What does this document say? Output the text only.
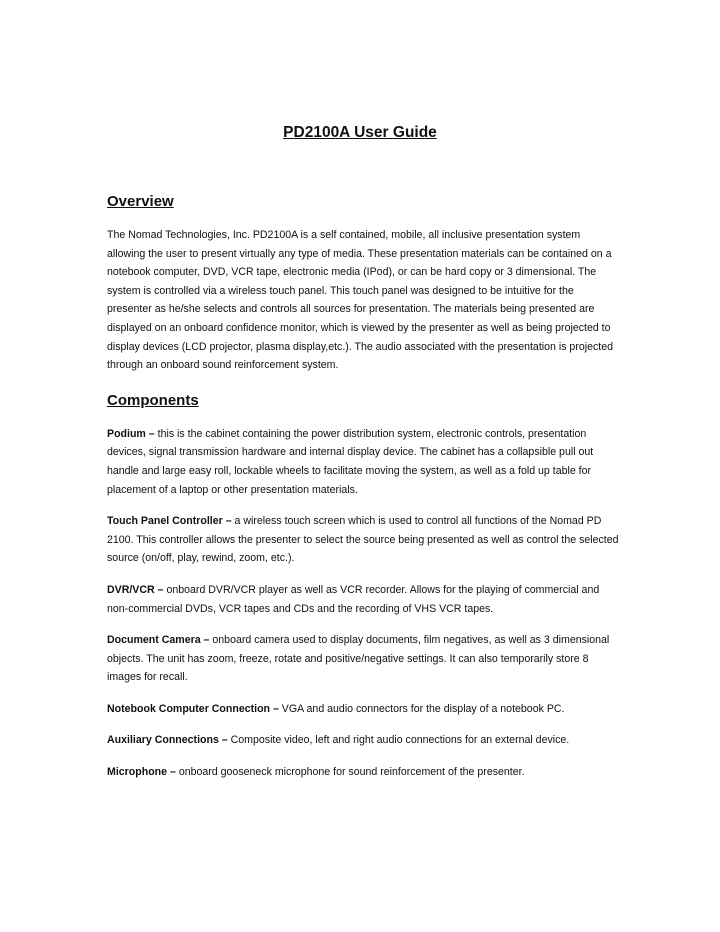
PD2100A User Guide
Overview

The Nomad Technologies, Inc. PD2100A is a self contained, mobile, all inclusive presentation system allowing the user to present virtually any type of media. These presentation materials can be contained on a notebook computer, DVD, VCR tape, electronic media (IPod), or can be hard copy or 3 dimensional. The system is controlled via a wireless touch panel. This touch panel was designed to be intuitive for the presenter as he/she selects and controls all sources for presentation. The materials being presented are displayed on an onboard confidence monitor, which is viewed by the presenter as well as being projected to display devices (LCD projector, plasma display,etc.). The audio associated with the presentation is projected through an onboard sound reinforcement system.

Components

Podium – this is the cabinet containing the power distribution system, electronic controls, presentation devices, signal transmission hardware and internal display device. The cabinet has a collapsible pull out handle and large easy roll, lockable wheels to facilitate moving the system, as well as a fold up table for placement of a laptop or other presentation materials.

Touch Panel Controller – a wireless touch screen which is used to control all functions of the Nomad PD 2100. This controller allows the presenter to select the source being presented as well as control the selected source (on/off, play, rewind, zoom, etc.).

DVR/VCR – onboard DVR/VCR player as well as VCR recorder. Allows for the playing of commercial and non-commercial DVDs, VCR tapes and CDs and the recording of VHS VCR tapes.

Document Camera – onboard camera used to display documents, film negatives, as well as 3 dimensional objects. The unit has zoom, freeze, rotate and positive/negative settings. It can also temporarily store 8 images for recall.

Notebook Computer Connection – VGA and audio connectors for the display of a notebook PC.

Auxiliary Connections – Composite video, left and right audio connections for an external device.

Microphone – onboard gooseneck microphone for sound reinforcement of the presenter.
